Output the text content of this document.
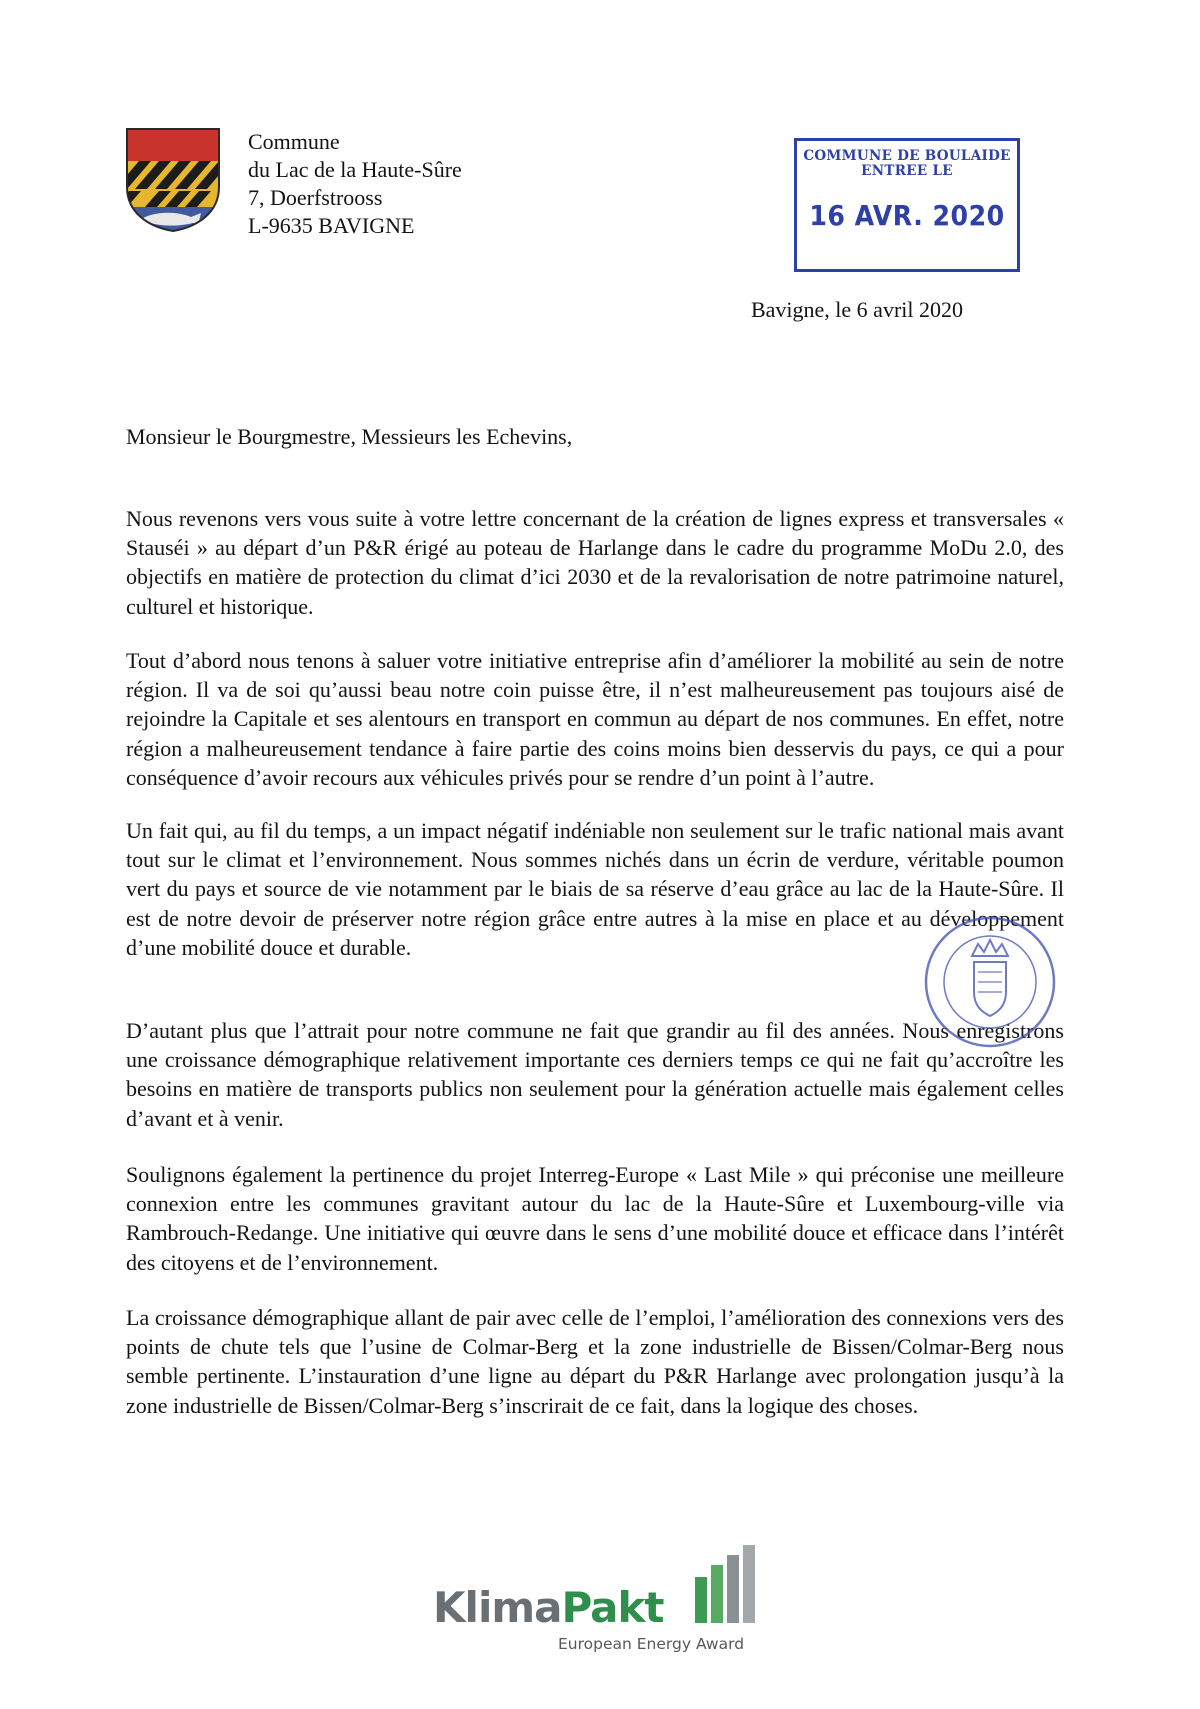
Commune
du Lac de la Haute-Sûre
7, Doerfstrooss
L-9635 BAVIGNE
COMMUNE DE BOULAIDE
ENTREE LE
16 AVR. 2020
Bavigne, le 6 avril 2020
Monsieur le Bourgmestre, Messieurs les Echevins,

Nous revenons vers vous suite à votre lettre concernant de la création de lignes express et transversales « Stauséi » au départ d’un P&R érigé au poteau de Harlange dans le cadre du programme MoDu 2.0, des objectifs en matière de protection du climat d’ici 2030 et de la revalorisation de notre patrimoine naturel, culturel et historique.

Tout d’abord nous tenons à saluer votre initiative entreprise afin d’améliorer la mobilité au sein de notre région. Il va de soi qu’aussi beau notre coin puisse être, il n’est malheureusement pas toujours aisé de rejoindre la Capitale et ses alentours en transport en commun au départ de nos communes. En effet, notre région a malheureusement tendance à faire partie des coins moins bien desservis du pays, ce qui a pour conséquence d’avoir recours aux véhicules privés pour se rendre d’un point à l’autre.

Un fait qui, au fil du temps, a un impact négatif indéniable non seulement sur le trafic national mais avant tout sur le climat et l’environnement. Nous sommes nichés dans un écrin de verdure, véritable poumon vert du pays et source de vie notamment par le biais de sa réserve d’eau grâce au lac de la Haute-Sûre. Il est de notre devoir de préserver notre région grâce entre autres à la mise en place et au développement d’une mobilité douce et durable.

D’autant plus que l’attrait pour notre commune ne fait que grandir au fil des années. Nous enregistrons une croissance démographique relativement importante ces derniers temps ce qui ne fait qu’accroître les besoins en matière de transports publics non seulement pour la génération actuelle mais également celles d’avant et à venir.

Soulignons également la pertinence du projet Interreg-Europe « Last Mile » qui préconise une meilleure connexion entre les communes gravitant autour du lac de la Haute-Sûre et Luxembourg-ville via Rambrouch-Redange. Une initiative qui œuvre dans le sens d’une mobilité douce et efficace dans l’intérêt des citoyens et de l’environnement.

La croissance démographique allant de pair avec celle de l’emploi, l’amélioration des connexions vers des points de chute tels que l’usine de Colmar-Berg et la zone industrielle de Bissen/Colmar-Berg nous semble pertinente. L’instauration d’une ligne au départ du P&R Harlange avec prolongation jusqu’à la zone industrielle de Bissen/Colmar-Berg s’inscrirait de ce fait, dans la logique des choses.

KlimaPakt
European Energy Award
